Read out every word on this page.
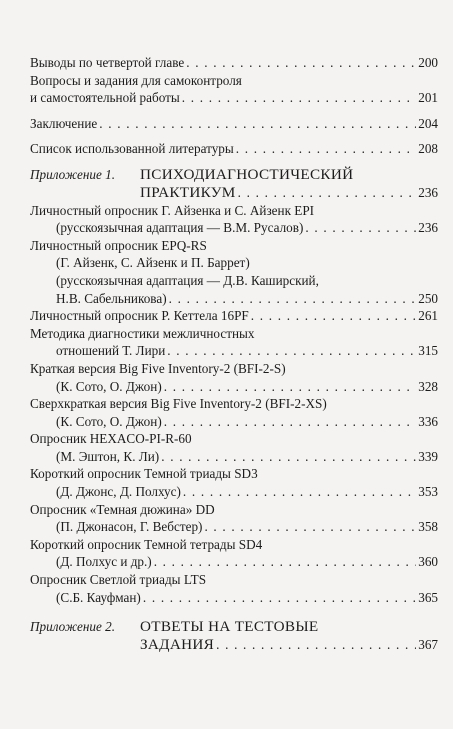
Выводы по четвертой главе . . .	200
Вопросы и задания для самоконтроля
и самостоятельной работы . . .	201
Заключение . . .	204
Список использованной литературы . . .	208
Приложение 1.	ПСИХОДИАГНОСТИЧЕСКИЙ
ПРАКТИКУМ . . .	236
Личностный опросник Г. Айзенка и С. Айзенк EPI
(русскоязычная адаптация — В.М. Русалов) . . .	236
Личностный опросник EPQ-RS
(Г. Айзенк, С. Айзенк и П. Баррет)
(русскоязычная адаптация — Д.В. Каширский,
Н.В. Сабельникова) . . .	250
Личностный опросник Р. Кеттела 16PF . . .	261
Методика диагностики межличностных
отношений Т. Лири . . .	315
Краткая версия Big Five Inventory-2 (BFI-2-S)
(К. Сото, О. Джон) . . .	328
Сверхкраткая версия Big Five Inventory-2 (BFI-2-XS)
(К. Сото, О. Джон) . . .	336
Опросник HEXACO-PI-R-60
(М. Эштон, К. Ли) . . .	339
Короткий опросник Темной триады SD3
(Д. Джонс, Д. Полхус) . . .	353
Опросник «Темная дюжина» DD
(П. Джонасон, Г. Вебстер) . . .	358
Короткий опросник Темной тетрады SD4
(Д. Полхус и др.) . . .	360
Опросник Светлой триады LTS
(С.Б. Кауфман) . . .	365
Приложение 2.	ОТВЕТЫ НА ТЕСТОВЫЕ
ЗАДАНИЯ . . .	367
